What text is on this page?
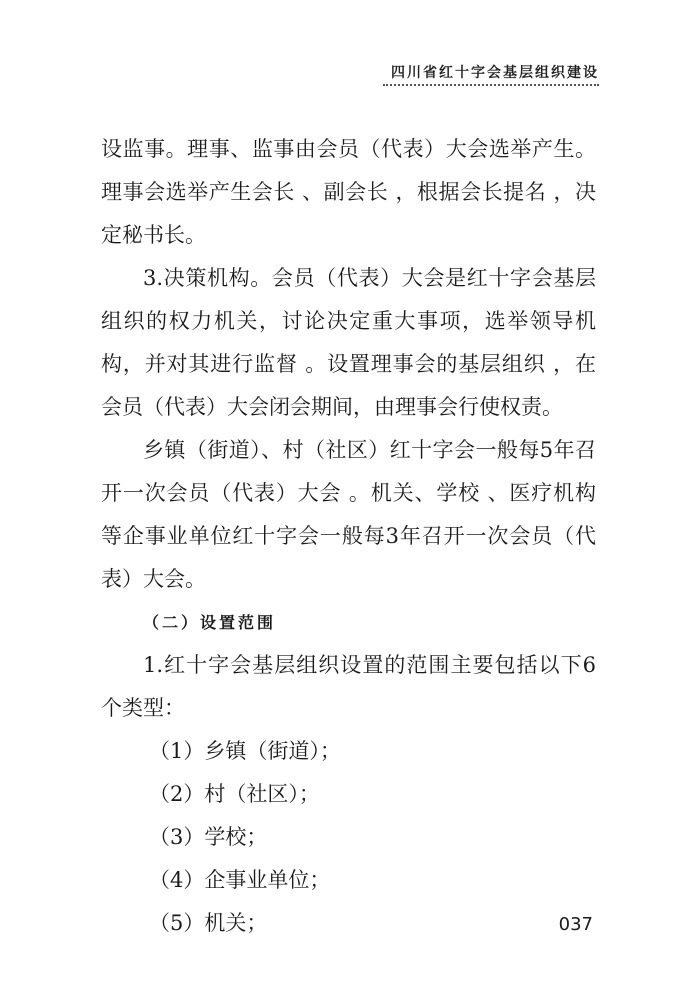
四川省红十字会基层组织建设

设监事。理事、监事由会员（代表）大会选举产生。理事会选举产生会长 、副会长 ，根据会长提名 ，决定秘书长。

3.决策机构。会员（代表）大会是红十字会基层组织的权力机关，讨论决定重大事项，选举领导机构，并对其进行监督 。设置理事会的基层组织 ，在会员（代表）大会闭会期间，由理事会行使权责。

乡镇（街道）、村（社区）红十字会一般每5年召开一次会员（代表）大会 。机关、学校 、医疗机构等企事业单位红十字会一般每3年召开一次会员（代表）大会。

（二）设置范围

1.红十字会基层组织设置的范围主要包括以下6个类型：

（1）乡镇（街道）；

（2）村（社区）；

（3）学校；

（4）企事业单位；

（5）机关；	037
